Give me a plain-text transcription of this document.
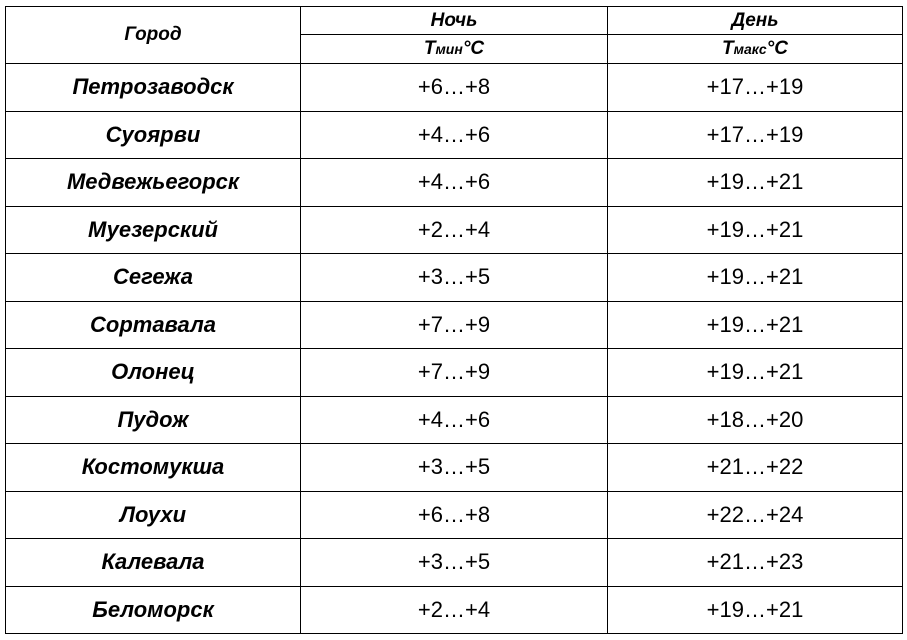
Город	Ночь	День
	Тмин°С	Тмакс°С
Петрозаводск	+6…+8	+17…+19
Суоярви	+4…+6	+17…+19
Медвежьегорск	+4…+6	+19…+21
Муезерский	+2…+4	+19…+21
Сегежа	+3…+5	+19…+21
Сортавала	+7…+9	+19…+21
Олонец	+7…+9	+19…+21
Пудож	+4…+6	+18…+20
Костомукша	+3…+5	+21…+22
Лоухи	+6…+8	+22…+24
Калевала	+3…+5	+21…+23
Беломорск	+2…+4	+19…+21
